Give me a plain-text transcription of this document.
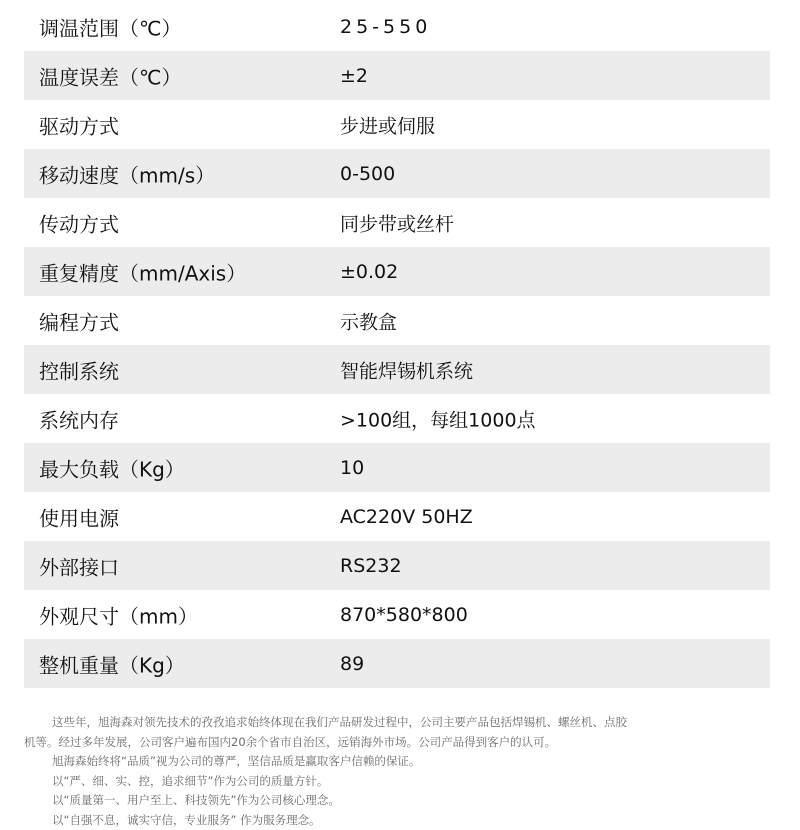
调温范围（℃）	25-550
温度误差（℃）	±2
驱动方式	步进或伺服
移动速度（mm/s）	0-500
传动方式	同步带或丝杆
重复精度（mm/Axis）	±0.02
编程方式	示教盒
控制系统	智能焊锡机系统
系统内存	>100组，每组1000点
最大负载（Kg）	10
使用电源	AC220V 50HZ
外部接口	RS232
外观尺寸（mm）	870*580*800
整机重量（Kg）	89

这些年，旭海森对领先技术的孜孜追求始终体现在我们产品研发过程中，公司主要产品包括焊锡机、螺丝机、点胶

机等。经过多年发展，公司客户遍布国内20余个省市自治区，远销海外市场。公司产品得到客户的认可。

旭海森始终将“品质”视为公司的尊严，坚信品质是赢取客户信赖的保证。

以“严、细、实、控，追求细节”作为公司的质量方针。

以“质量第一、用户至上、科技领先”作为公司核心理念。

以“自强不息，诚实守信，专业服务” 作为服务理念。
